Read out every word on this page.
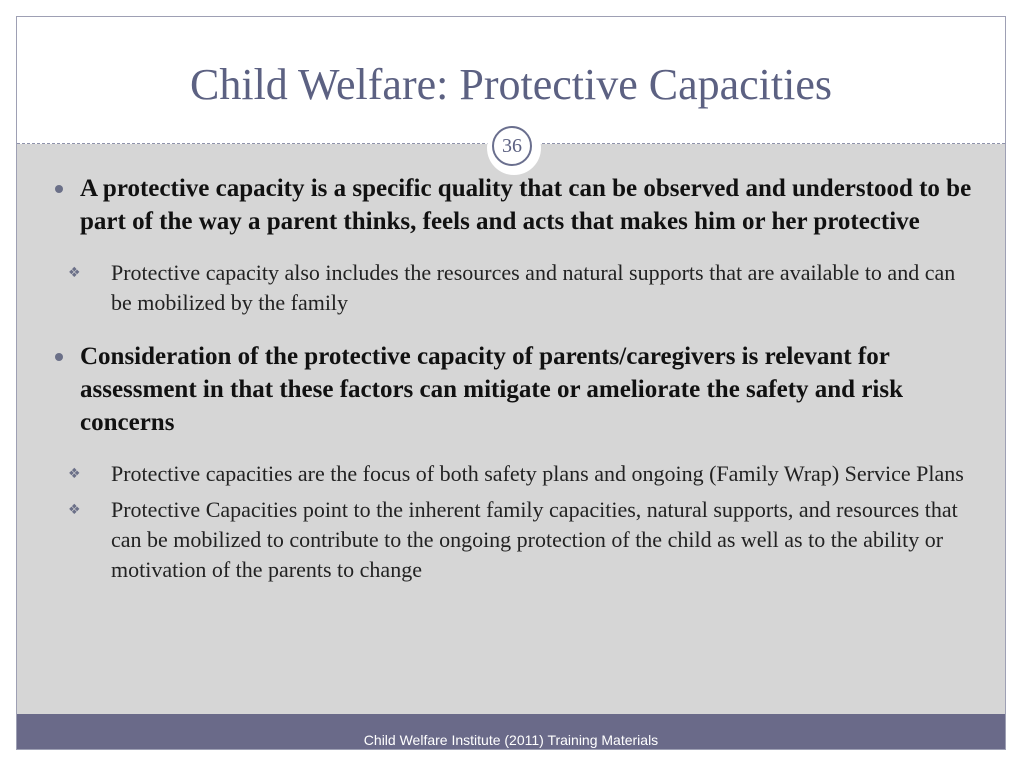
Child Welfare: Protective Capacities
36
A protective capacity is a specific quality that can be observed and understood to be part of the way a parent thinks, feels and acts that makes him or her protective
❖ Protective capacity also includes the resources and natural supports that are available to and can be mobilized by the family
Consideration of the protective capacity of parents/caregivers is relevant for assessment in that these factors can mitigate or ameliorate the safety and risk concerns
❖ Protective capacities are the focus of both safety plans and ongoing (Family Wrap) Service Plans
❖ Protective Capacities point to the inherent family capacities, natural supports, and resources that can be mobilized to contribute to the ongoing protection of the child as well as to the ability or motivation of the parents to change
Child Welfare Institute (2011) Training Materials
